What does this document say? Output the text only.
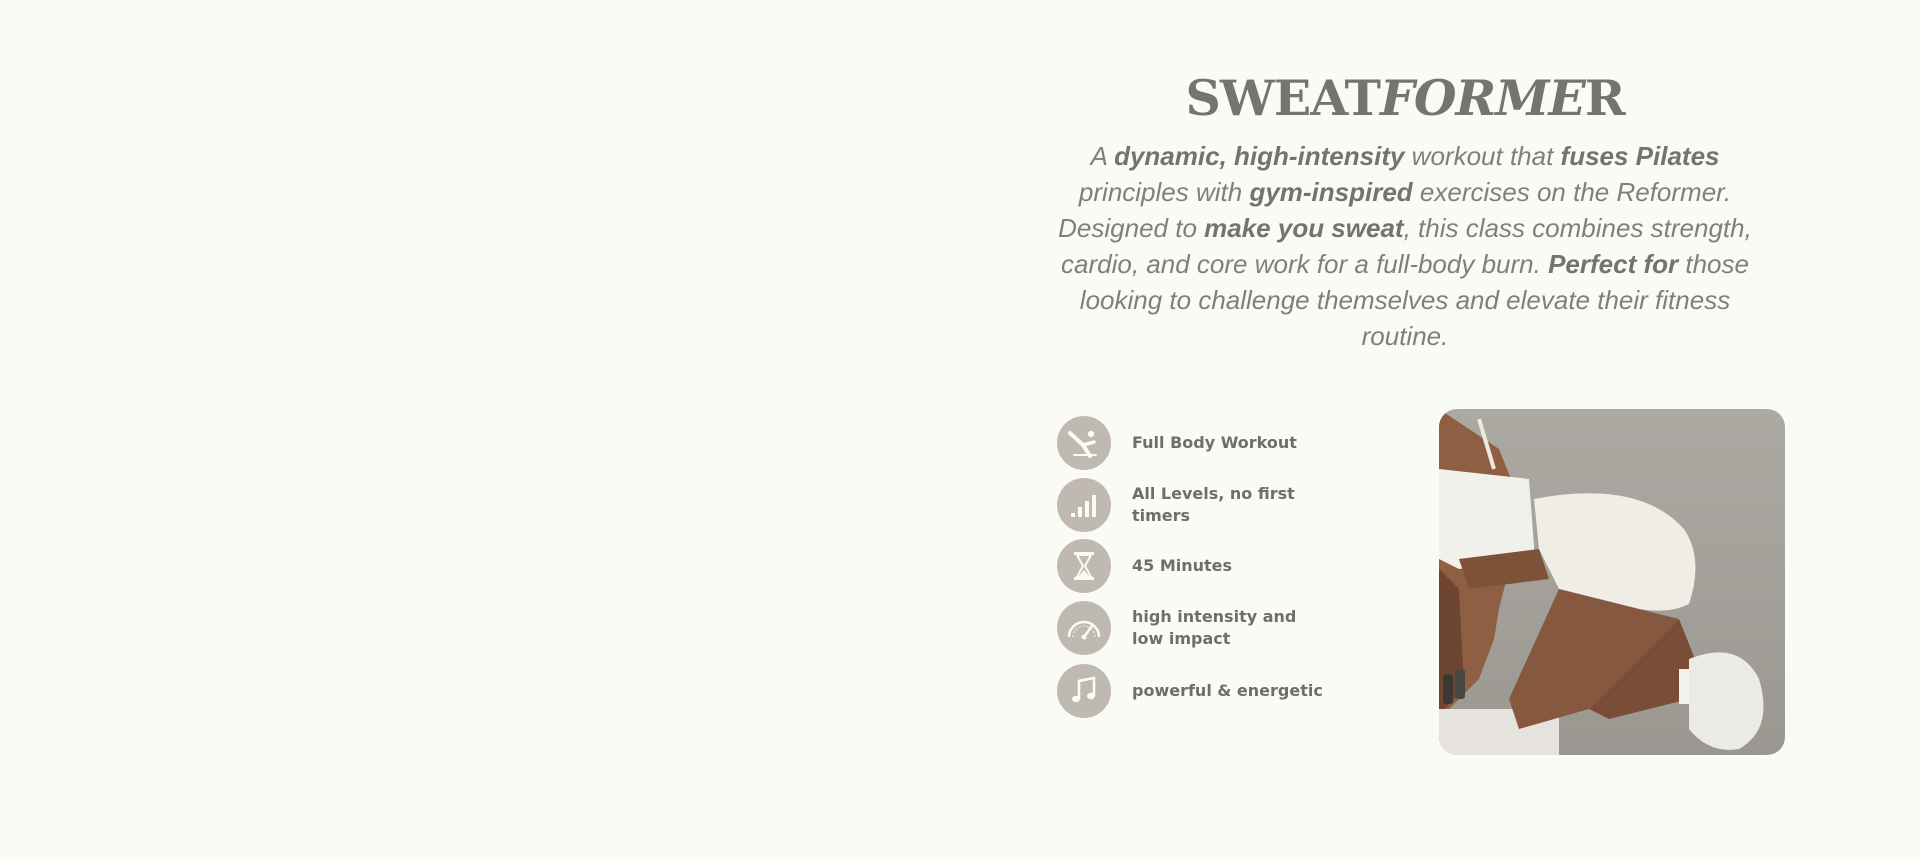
SWEATFORMER

A dynamic, high-intensity workout that fuses Pilates principles with gym-inspired exercises on the Reformer. Designed to make you sweat, this class combines strength, cardio, and core work for a full-body burn. Perfect for those looking to challenge themselves and elevate their fitness routine.

Full Body Workout
All Levels, no first timers
45 Minutes
high intensity and
low impact
powerful & energetic
